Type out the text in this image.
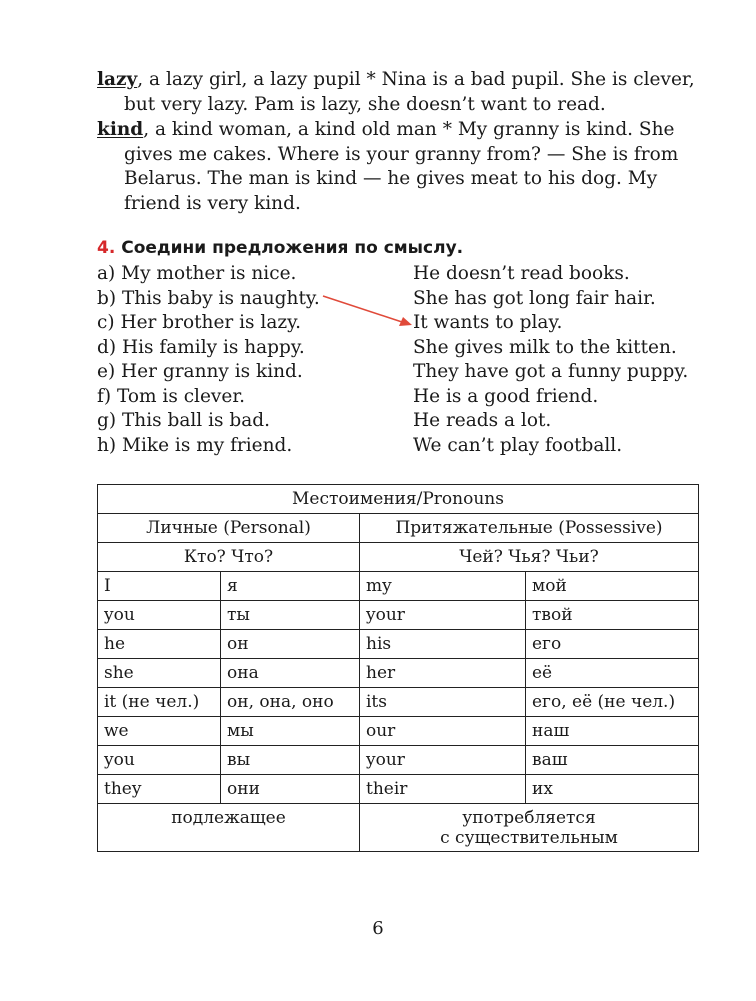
lazy, a lazy girl, a lazy pupil * Nina is a bad pupil. She is clever, but very lazy. Pam is lazy, she doesn’t want to read.

kind, a kind woman, a kind old man * My granny is kind. She gives me cakes. Where is your granny from? — She is from Belarus. The man is kind — he gives meat to his dog. My friend is very kind.

4. Соедини предложения по смыслу.
a) My mother is nice.	He doesn’t read books.
b) This baby is naughty.	She has got long fair hair.
c) Her brother is lazy.	It wants to play.
d) His family is happy.	She gives milk to the kitten.
e) Her granny is kind.	They have got a funny puppy.
f) Tom is clever.	He is a good friend.
g) This ball is bad.	He reads a lot.
h) Mike is my friend.	We can’t play football.
Местоимения/Pronouns			
Личные (Personal)		Притяжательные (Possessive)	
Кто? Что?		Чей? Чья? Чьи?	
I	я	my	мой
you	ты	your	твой
he	он	his	его
she	она	her	её
it (не чел.)	он, она, оно	its	его, её (не чел.)
we	мы	our	наш
you	вы	your	ваш
they	они	their	их
подлежащее		употребляется
с существительным	
6
